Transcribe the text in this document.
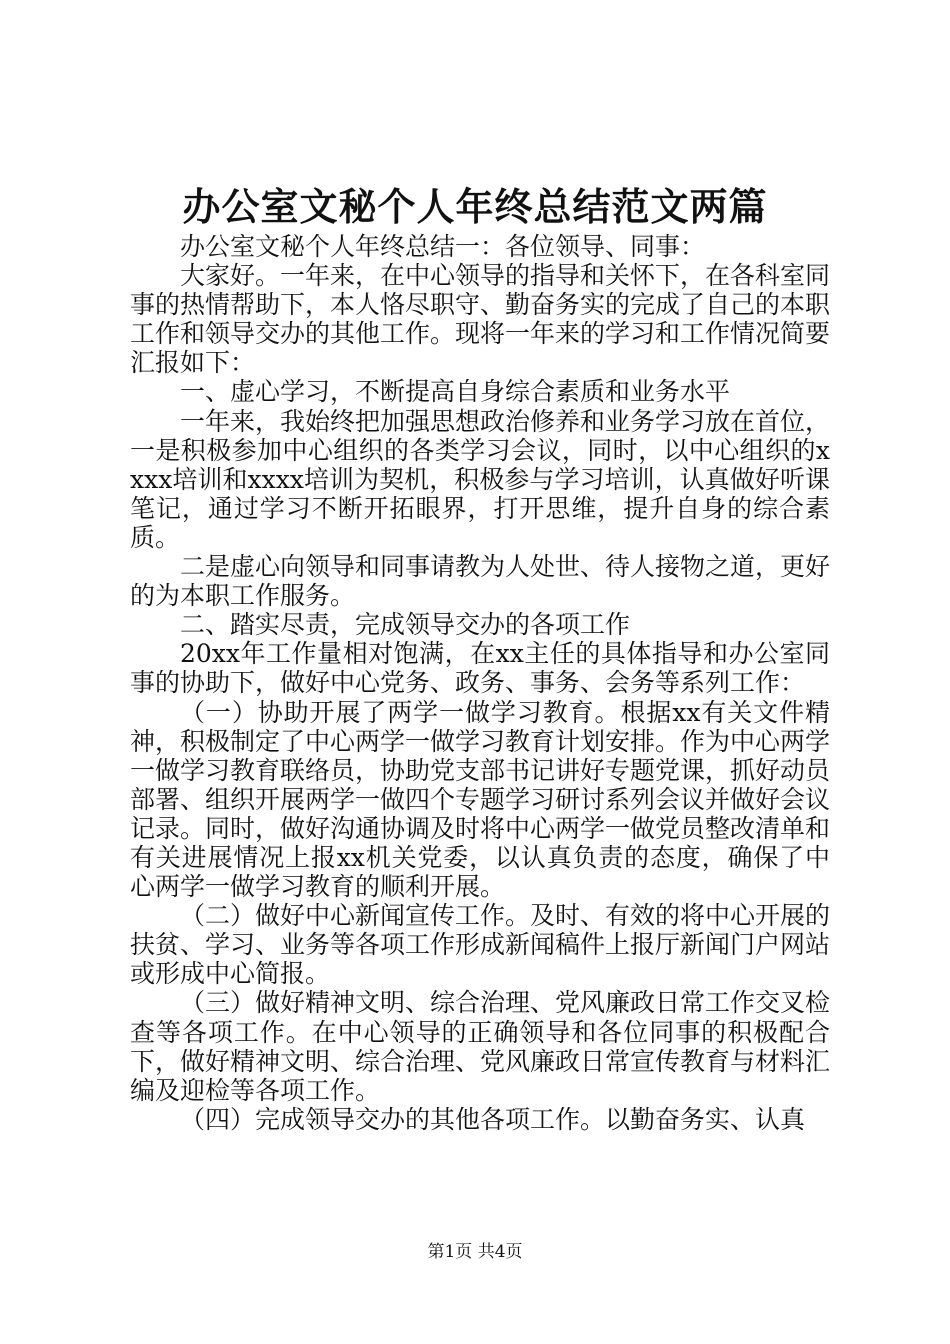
办公室文秘个人年终总结范文两篇

办公室文秘个人年终总结一：各位领导、同事：

大家好。一年来，在中心领导的指导和关怀下，在各科室同事的热情帮助下，本人恪尽职守、勤奋务实的完成了自己的本职工作和领导交办的其他工作。现将一年来的学习和工作情况简要汇报如下：

一、虚心学习，不断提高自身综合素质和业务水平

一年来，我始终把加强思想政治修养和业务学习放在首位，一是积极参加中心组织的各类学习会议，同时，以中心组织的xxxx培训和xxxx培训为契机，积极参与学习培训，认真做好听课笔记，通过学习不断开拓眼界，打开思维，提升自身的综合素质。

二是虚心向领导和同事请教为人处世、待人接物之道，更好的为本职工作服务。

二、踏实尽责，完成领导交办的各项工作

20xx年工作量相对饱满，在xx主任的具体指导和办公室同事的协助下，做好中心党务、政务、事务、会务等系列工作：

（一）协助开展了两学一做学习教育。根据xx有关文件精神，积极制定了中心两学一做学习教育计划安排。作为中心两学一做学习教育联络员，协助党支部书记讲好专题党课，抓好动员部署、组织开展两学一做四个专题学习研讨系列会议并做好会议记录。同时，做好沟通协调及时将中心两学一做党员整改清单和有关进展情况上报xx机关党委，以认真负责的态度，确保了中心两学一做学习教育的顺利开展。

（二）做好中心新闻宣传工作。及时、有效的将中心开展的扶贫、学习、业务等各项工作形成新闻稿件上报厅新闻门户网站或形成中心简报。

（三）做好精神文明、综合治理、党风廉政日常工作交叉检查等各项工作。在中心领导的正确领导和各位同事的积极配合下，做好精神文明、综合治理、党风廉政日常宣传教育与材料汇编及迎检等各项工作。

（四）完成领导交办的其他各项工作。以勤奋务实、认真

第1页 共4页
